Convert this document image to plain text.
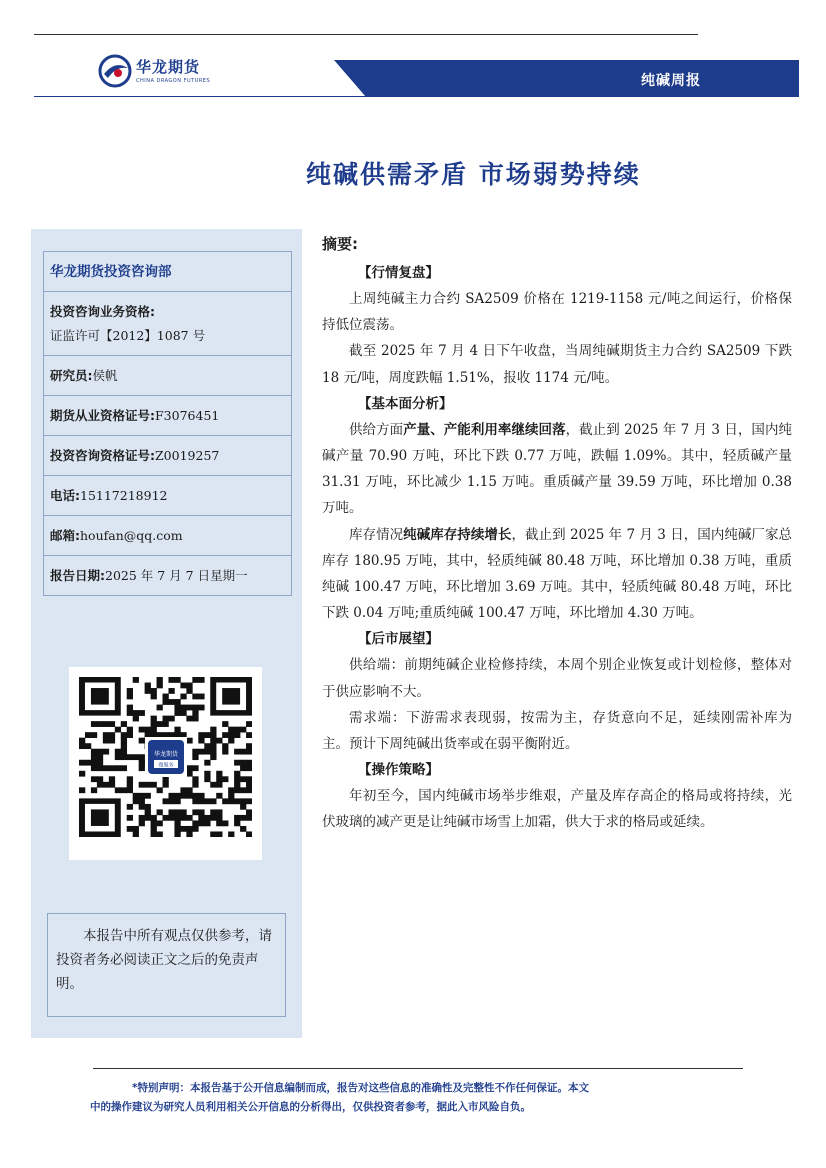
华龙期货
CHINA DRAGON FUTURES	纯碱周报
纯碱供需矛盾 市场弱势持续
华龙期货投资咨询部
投资咨询业务资格:
证监许可【2012】1087 号
研究员:侯帆
期货从业资格证号:F3076451
投资咨询资格证号:Z0019257
电话:15117218912
邮箱:houfan@qq.com
报告日期:2025 年 7 月 7 日星期一
华龙期货
微服务
本报告中所有观点仅供参考，请投资者务必阅读正文之后的免责声明。
摘要:
【行情复盘】

上周纯碱主力合约 SA2509 价格在 1219-1158 元/吨之间运行，价格保持低位震荡。

截至 2025 年 7 月 4 日下午收盘，当周纯碱期货主力合约 SA2509 下跌 18 元/吨，周度跌幅 1.51%，报收 1174 元/吨。

【基本面分析】

供给方面产量、产能利用率继续回落，截止到 2025 年 7 月 3 日，国内纯碱产量 70.90 万吨，环比下跌 0.77 万吨，跌幅 1.09%。其中，轻质碱产量 31.31 万吨，环比减少 1.15 万吨。重质碱产量 39.59 万吨，环比增加 0.38 万吨。

库存情况纯碱库存持续增长，截止到 2025 年 7 月 3 日，国内纯碱厂家总库存 180.95 万吨，其中，轻质纯碱 80.48 万吨，环比增加 0.38 万吨，重质纯碱 100.47 万吨，环比增加 3.69 万吨。其中，轻质纯碱 80.48 万吨，环比下跌 0.04 万吨;重质纯碱 100.47 万吨，环比增加 4.30 万吨。

【后市展望】

供给端：前期纯碱企业检修持续，本周个别企业恢复或计划检修，整体对于供应影响不大。

需求端：下游需求表现弱，按需为主，存货意向不足，延续刚需补库为主。预计下周纯碱出货率或在弱平衡附近。

【操作策略】

年初至今，国内纯碱市场举步维艰，产量及库存高企的格局或将持续，光伏玻璃的减产更是让纯碱市场雪上加霜，供大于求的格局或延续。

*特别声明：本报告基于公开信息编制而成，报告对这些信息的准确性及完整性不作任何保证。本文
中的操作建议为研究人员利用相关公开信息的分析得出，仅供投资者参考，据此入市风险自负。
